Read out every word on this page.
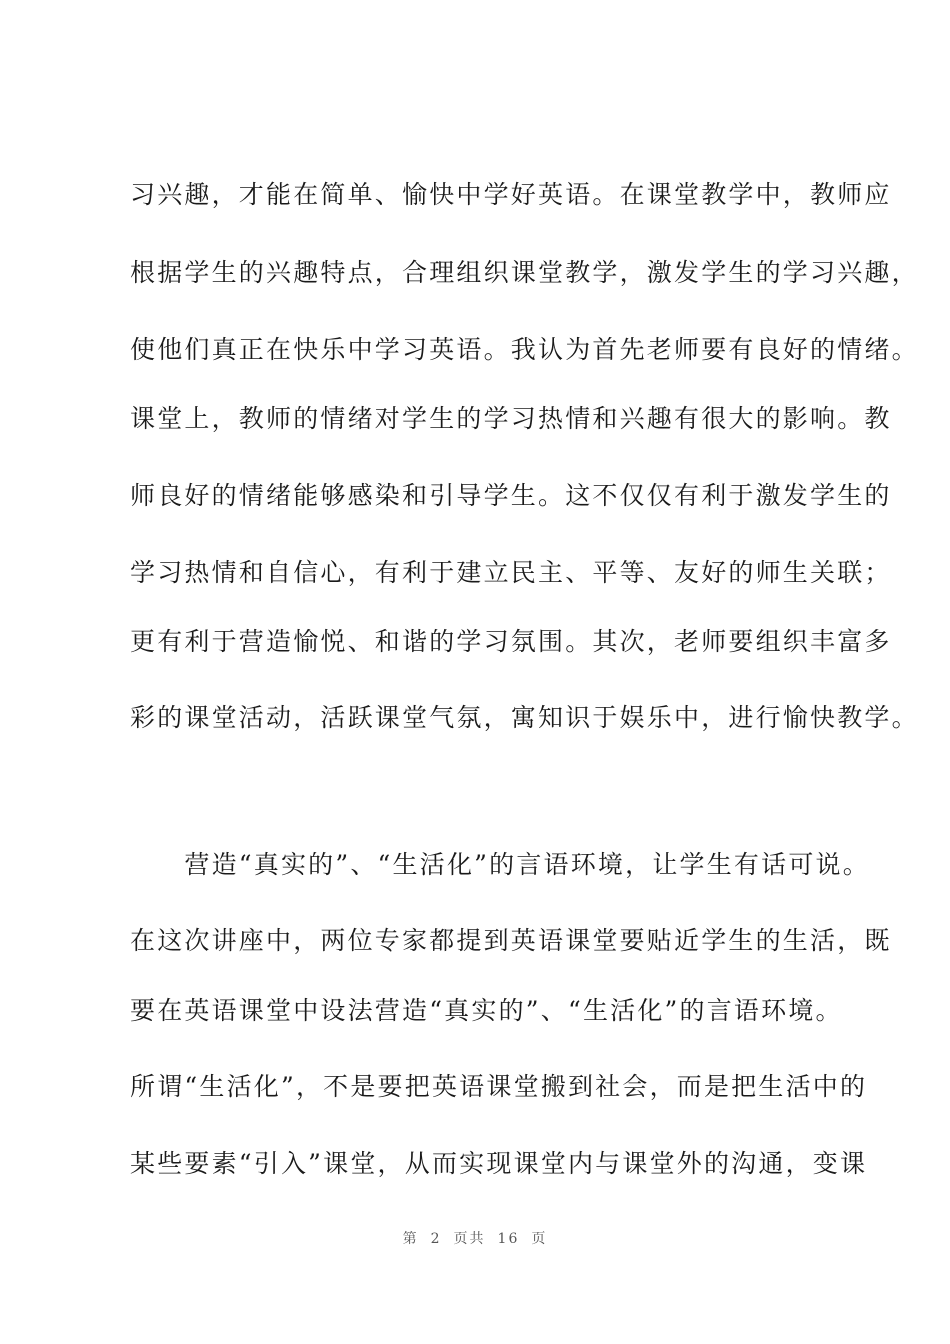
习兴趣，才能在简单、愉快中学好英语。在课堂教学中，教师应
根据学生的兴趣特点，合理组织课堂教学，激发学生的学习兴趣，
使他们真正在快乐中学习英语。我认为首先老师要有良好的情绪。
课堂上，教师的情绪对学生的学习热情和兴趣有很大的影响。教
师良好的情绪能够感染和引导学生。这不仅仅有利于激发学生的
学习热情和自信心，有利于建立民主、平等、友好的师生关联；
更有利于营造愉悦、和谐的学习氛围。其次，老师要组织丰富多
彩的课堂活动，活跃课堂气氛，寓知识于娱乐中，进行愉快教学。
　　营造“真实的”、“生活化”的言语环境，让学生有话可说。
在这次讲座中，两位专家都提到英语课堂要贴近学生的生活，既
要在英语课堂中设法营造“真实的”、“生活化”的言语环境。
所谓“生活化”，不是要把英语课堂搬到社会，而是把生活中的
某些要素“引入”课堂，从而实现课堂内与课堂外的沟通，变课
第 2 页共 16 页
